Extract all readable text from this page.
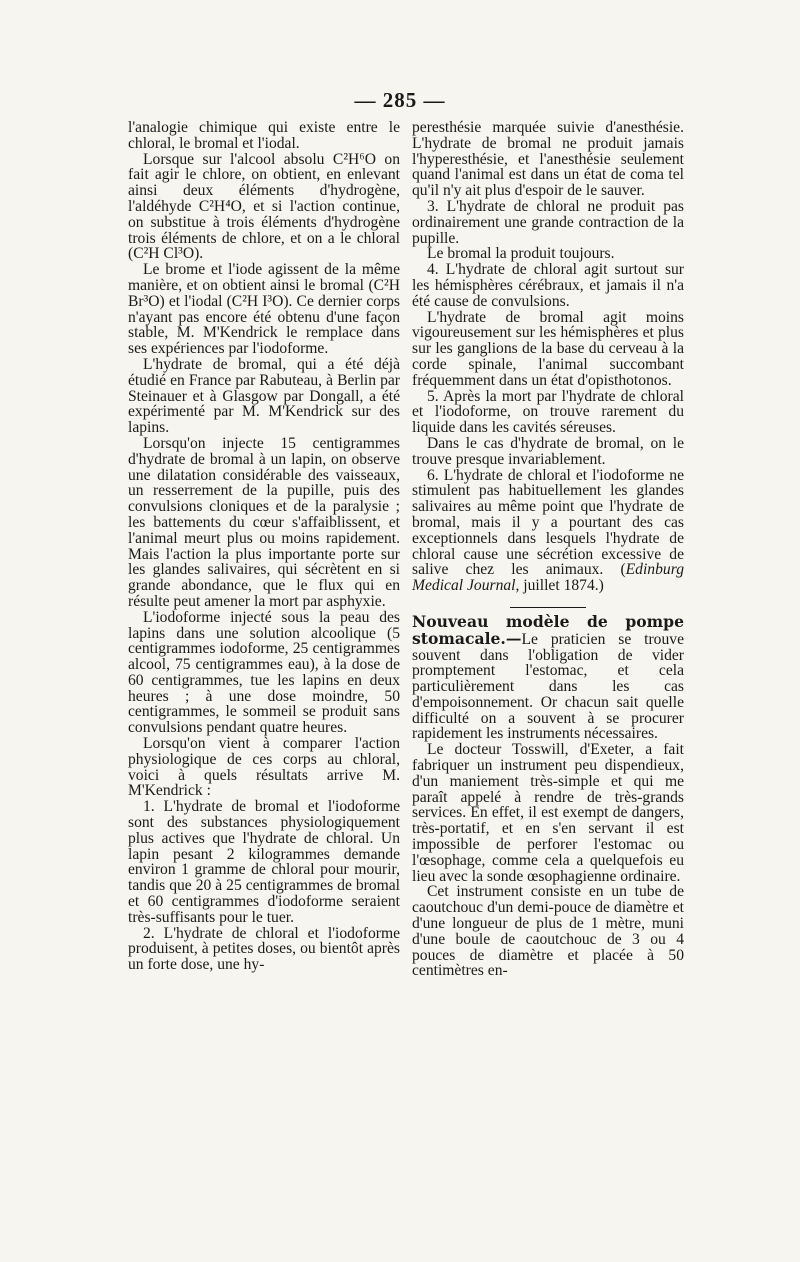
— 285 —

l'analogie chimique qui existe entre le chloral, le bromal et l'iodal.

Lorsque sur l'alcool absolu C²H⁶O on fait agir le chlore, on obtient, en enlevant ainsi deux éléments d'hydrogène, l'aldéhyde C²H⁴O, et si l'action continue, on substitue à trois éléments d'hydrogène trois éléments de chlore, et on a le chloral (C²H Cl³O).

Le brome et l'iode agissent de la même manière, et on obtient ainsi le bromal (C²H Br³O) et l'iodal (C²H I³O). Ce dernier corps n'ayant pas encore été obtenu d'une façon stable, M. M'Kendrick le remplace dans ses expériences par l'iodoforme.

L'hydrate de bromal, qui a été déjà étudié en France par Rabuteau, à Berlin par Steinauer et à Glasgow par Dongall, a été expérimenté par M. M'Kendrick sur des lapins.

Lorsqu'on injecte 15 centigrammes d'hydrate de bromal à un lapin, on observe une dilatation considérable des vaisseaux, un resserrement de la pupille, puis des convulsions cloniques et de la paralysie ; les battements du cœur s'affaiblissent, et l'animal meurt plus ou moins rapidement. Mais l'action la plus importante porte sur les glandes salivaires, qui sécrètent en si grande abondance, que le flux qui en résulte peut amener la mort par asphyxie.

L'iodoforme injecté sous la peau des lapins dans une solution alcoolique (5 centigrammes iodoforme, 25 centigrammes alcool, 75 centigrammes eau), à la dose de 60 centigrammes, tue les lapins en deux heures ; à une dose moindre, 50 centigrammes, le sommeil se produit sans convulsions pendant quatre heures.

Lorsqu'on vient à comparer l'action physiologique de ces corps au chloral, voici à quels résultats arrive M. M'Kendrick :

1. L'hydrate de bromal et l'iodoforme sont des substances physiologiquement plus actives que l'hydrate de chloral. Un lapin pesant 2 kilogrammes demande environ 1 gramme de chloral pour mourir, tandis que 20 à 25 centigrammes de bromal et 60 centigrammes d'iodoforme seraient très-suffisants pour le tuer.

2. L'hydrate de chloral et l'iodoforme produisent, à petites doses, ou bientôt après un forte dose, une hy-

peresthésie marquée suivie d'anesthésie. L'hydrate de bromal ne produit jamais l'hyperesthésie, et l'anesthésie seulement quand l'animal est dans un état de coma tel qu'il n'y ait plus d'espoir de le sauver.

3. L'hydrate de chloral ne produit pas ordinairement une grande contraction de la pupille.

Le bromal la produit toujours.

4. L'hydrate de chloral agit surtout sur les hémisphères cérébraux, et jamais il n'a été cause de convulsions.

L'hydrate de bromal agit moins vigoureusement sur les hémisphères et plus sur les ganglions de la base du cerveau à la corde spinale, l'animal succombant fréquemment dans un état d'opisthotonos.

5. Après la mort par l'hydrate de chloral et l'iodoforme, on trouve rarement du liquide dans les cavités séreuses.

Dans le cas d'hydrate de bromal, on le trouve presque invariablement.

6. L'hydrate de chloral et l'iodoforme ne stimulent pas habituellement les glandes salivaires au même point que l'hydrate de bromal, mais il y a pourtant des cas exceptionnels dans lesquels l'hydrate de chloral cause une sécrétion excessive de salive chez les animaux. (Edinburg Medical Journal, juillet 1874.)

Nouveau modèle de pompe stomacale.—Le praticien se trouve souvent dans l'obligation de vider promptement l'estomac, et cela particulièrement dans les cas d'empoisonnement. Or chacun sait quelle difficulté on a souvent à se procurer rapidement les instruments nécessaires.

Le docteur Tosswill, d'Exeter, a fait fabriquer un instrument peu dispendieux, d'un maniement très-simple et qui me paraît appelé à rendre de très-grands services. En effet, il est exempt de dangers, très-portatif, et en s'en servant il est impossible de perforer l'estomac ou l'œsophage, comme cela a quelquefois eu lieu avec la sonde œsophagienne ordinaire.

Cet instrument consiste en un tube de caoutchouc d'un demi-pouce de diamètre et d'une longueur de plus de 1 mètre, muni d'une boule de caoutchouc de 3 ou 4 pouces de diamètre et placée à 50 centimètres en-
